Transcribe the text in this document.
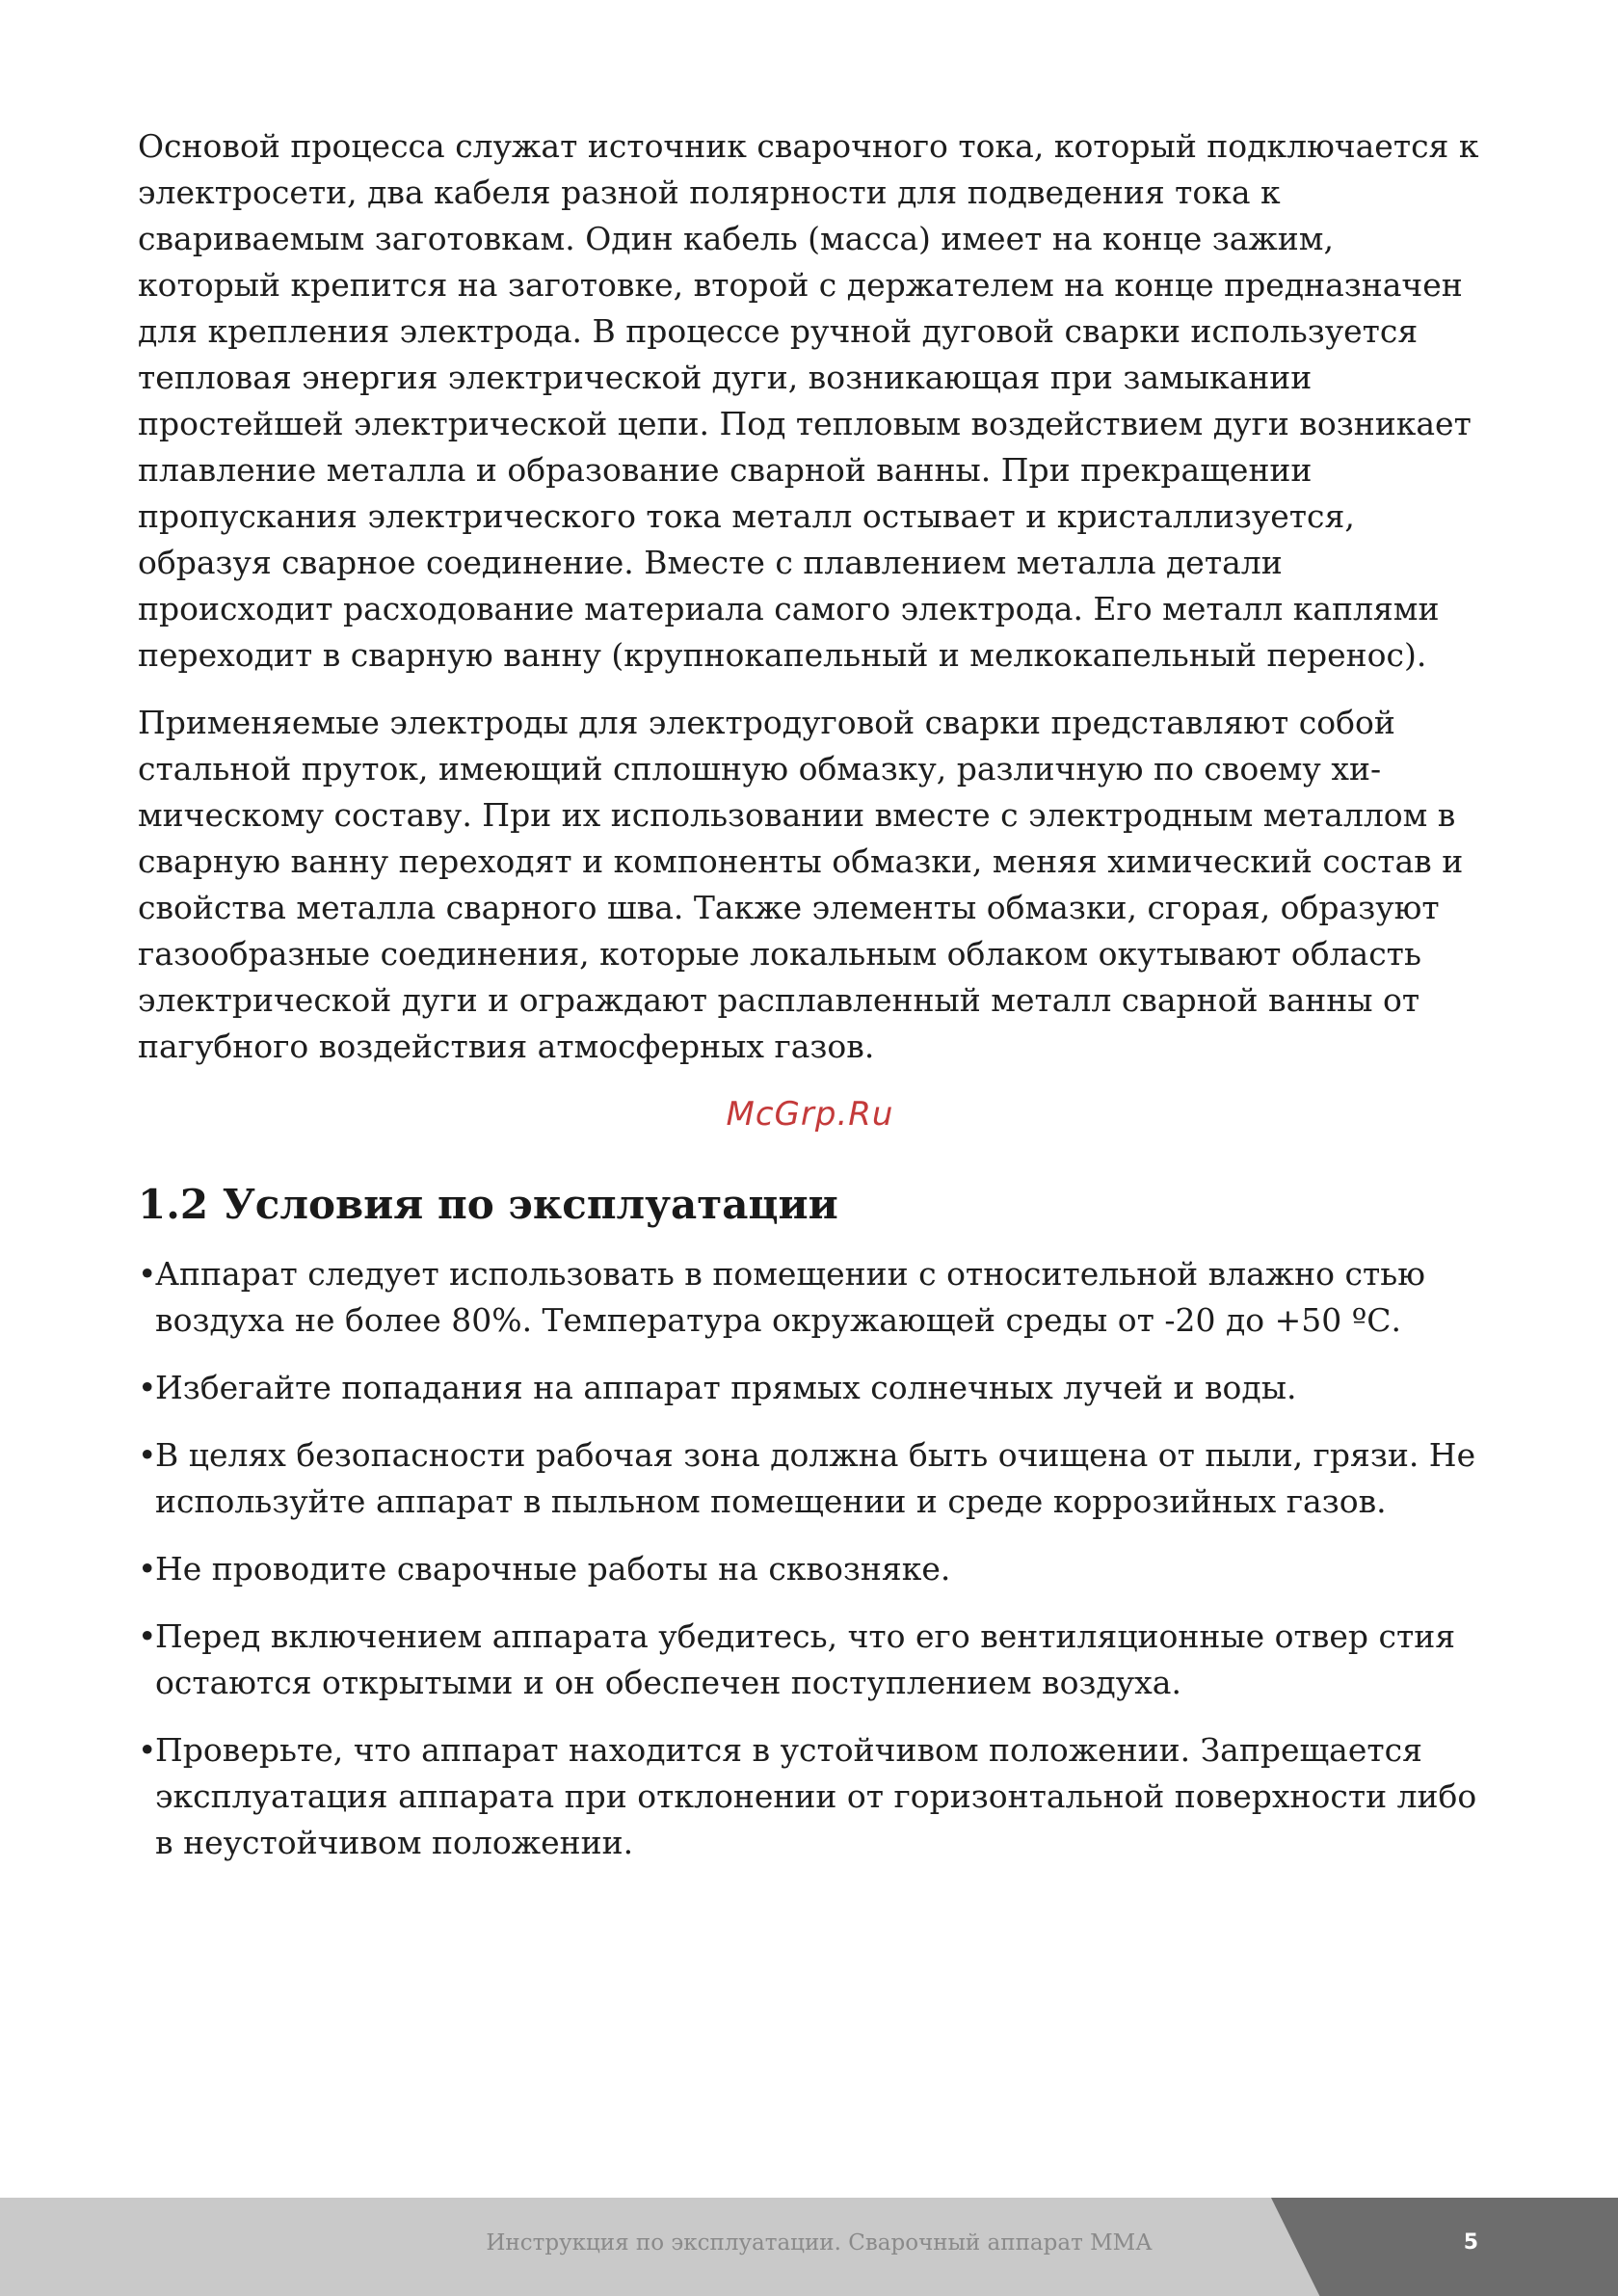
Основой процесса служат источник сварочного тока, который подключается к электросети, два кабеля разной полярности для подведения тока к свариваемым заготовкам. Один кабель (масса) имеет на конце зажим, который крепится на заготовке, второй с держателем на конце предназначен для крепления электрода. В процессе ручной дуговой сварки используется тепловая энергия электрической дуги, возникающая при замыкании простейшей электрической цепи. Под тепловым воздействием дуги возникает плавление металла и образование сварной ванны. При прекращении пропускания электрического тока металл остывает и кристаллизуется, образуя сварное соединение. Вместе с плавлением металла детали происходит расходование материала самого электрода. Его металл каплями переходит в сварную ванну (крупнокапельный и мелкокапельный перенос).

Применяемые электроды для электродуговой сварки представляют собой стальной пруток, имеющий сплошную обмазку, различную по своему химическому составу. При их использовании вместе с электродным металлом в сварную ванну переходят и компоненты обмазки, меняя химический состав и свойства металла сварного шва. Также элементы обмазки, сгорая, образуют газообразные соединения, которые локальным облаком окутывают область электрической дуги и ограждают расплавленный металл сварной ванны от пагубного воздействия атмосферных газов.

McGrp.Ru
1.2 Условия по эксплуатации
•
Аппарат следует использовать в помещении с относительной влажно стью воздуха не более 80%. Температура окружающей среды от -20 до +50 ºС.
•
Избегайте попадания на аппарат прямых солнечных лучей и воды.
•
В целях безопасности рабочая зона должна быть очищена от пыли, грязи. Не используйте аппарат в пыльном помещении и среде коррозийных газов.
•
Не проводите сварочные работы на сквозняке.
•
Перед включением аппарата убедитесь, что его вентиляционные отвер стия остаются открытыми и он обеспечен поступлением воздуха.
•
Проверьте, что аппарат находится в устойчивом положении. Запрещается эксплуатация аппарата при отклонении от горизонтальной поверхности либо в неустойчивом положении.
Инструкция по эксплуатации. Сварочный аппарат ММА	5
